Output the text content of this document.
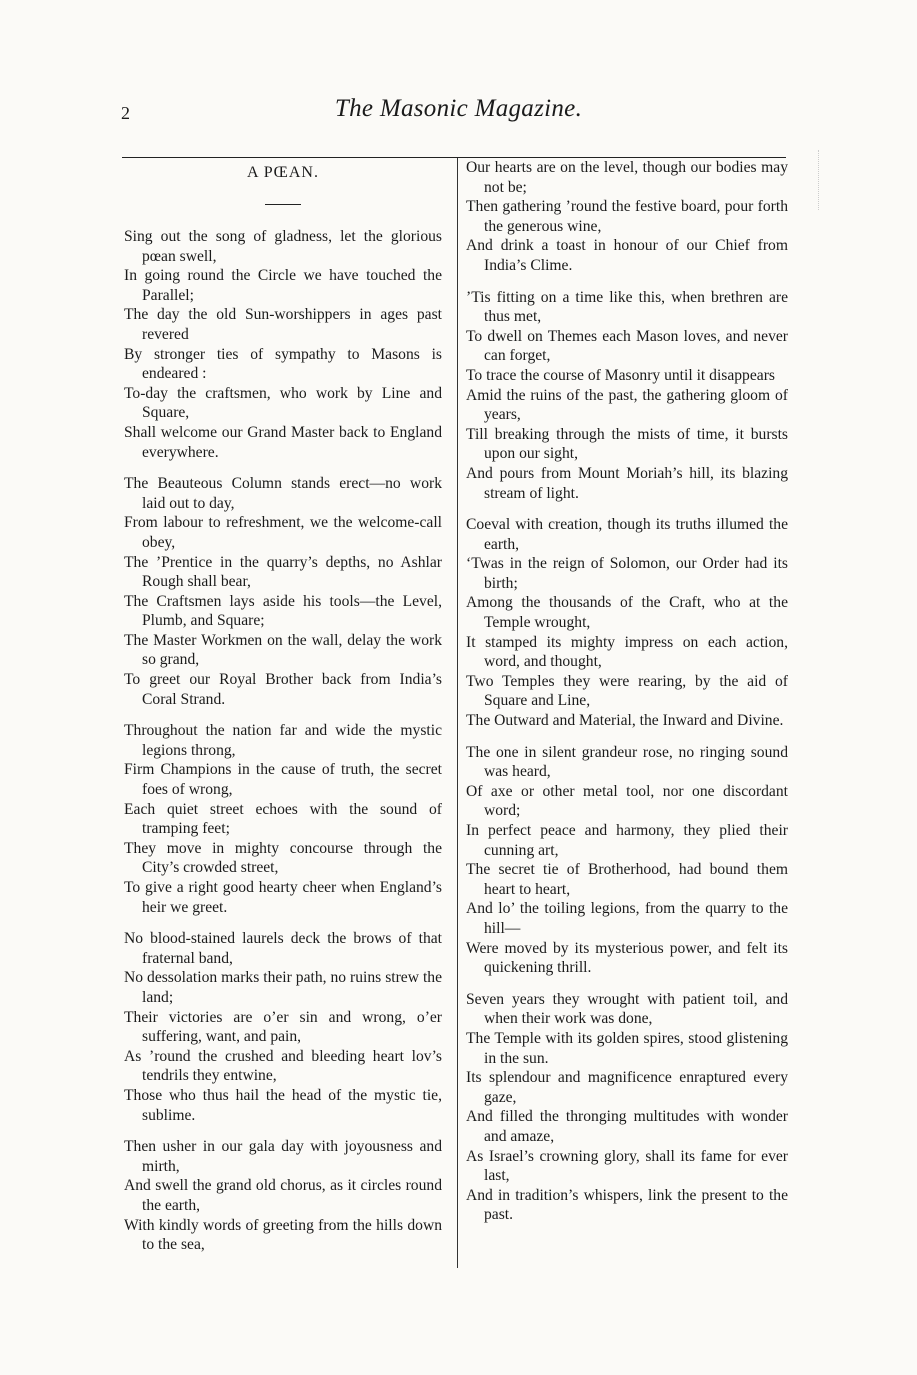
2	The Masonic Magazine.
A PŒAN.
Sing out the song of gladness, let the glorious pœan swell,
In going round the Circle we have touched the Parallel;
The day the old Sun-worshippers in ages past revered
By stronger ties of sympathy to Masons is endeared :
To-day the craftsmen, who work by Line and Square,
Shall welcome our Grand Master back to England everywhere.
The Beauteous Column stands erect—no work laid out to day,
From labour to refreshment, we the welcome-call obey,
The ’Prentice in the quarry’s depths, no Ashlar Rough shall bear,
The Craftsmen lays aside his tools—the Level, Plumb, and Square;
The Master Workmen on the wall, delay the work so grand,
To greet our Royal Brother back from India’s Coral Strand.
Throughout the nation far and wide the mystic legions throng,
Firm Champions in the cause of truth, the secret foes of wrong,
Each quiet street echoes with the sound of tramping feet;
They move in mighty concourse through the City’s crowded street,
To give a right good hearty cheer when England’s heir we greet.
No blood-stained laurels deck the brows of that fraternal band,
No dessolation marks their path, no ruins strew the land;
Their victories are o’er sin and wrong, o’er suffering, want, and pain,
As ’round the crushed and bleeding heart lov’s tendrils they entwine,
Those who thus hail the head of the mystic tie, sublime.
Then usher in our gala day with joyousness and mirth,
And swell the grand old chorus, as it circles round the earth,
With kindly words of greeting from the hills down to the sea,
Our hearts are on the level, though our bodies may not be;
Then gathering ’round the festive board, pour forth the generous wine,
And drink a toast in honour of our Chief from India’s Clime.
’Tis fitting on a time like this, when brethren are thus met,
To dwell on Themes each Mason loves, and never can forget,
To trace the course of Masonry until it disappears
Amid the ruins of the past, the gathering gloom of years,
Till breaking through the mists of time, it bursts upon our sight,
And pours from Mount Moriah’s hill, its blazing stream of light.
Coeval with creation, though its truths illumed the earth,
‘Twas in the reign of Solomon, our Order had its birth;
Among the thousands of the Craft, who at the Temple wrought,
It stamped its mighty impress on each action, word, and thought,
Two Temples they were rearing, by the aid of Square and Line,
The Outward and Material, the Inward and Divine.
The one in silent grandeur rose, no ringing sound was heard,
Of axe or other metal tool, nor one discordant word;
In perfect peace and harmony, they plied their cunning art,
The secret tie of Brotherhood, had bound them heart to heart,
And lo’ the toiling legions, from the quarry to the hill—
Were moved by its mysterious power, and felt its quickening thrill.
Seven years they wrought with patient toil, and when their work was done,
The Temple with its golden spires, stood glistening in the sun.
Its splendour and magnificence enraptured every gaze,
And filled the thronging multitudes with wonder and amaze,
As Israel’s crowning glory, shall its fame for ever last,
And in tradition’s whispers, link the present to the past.
